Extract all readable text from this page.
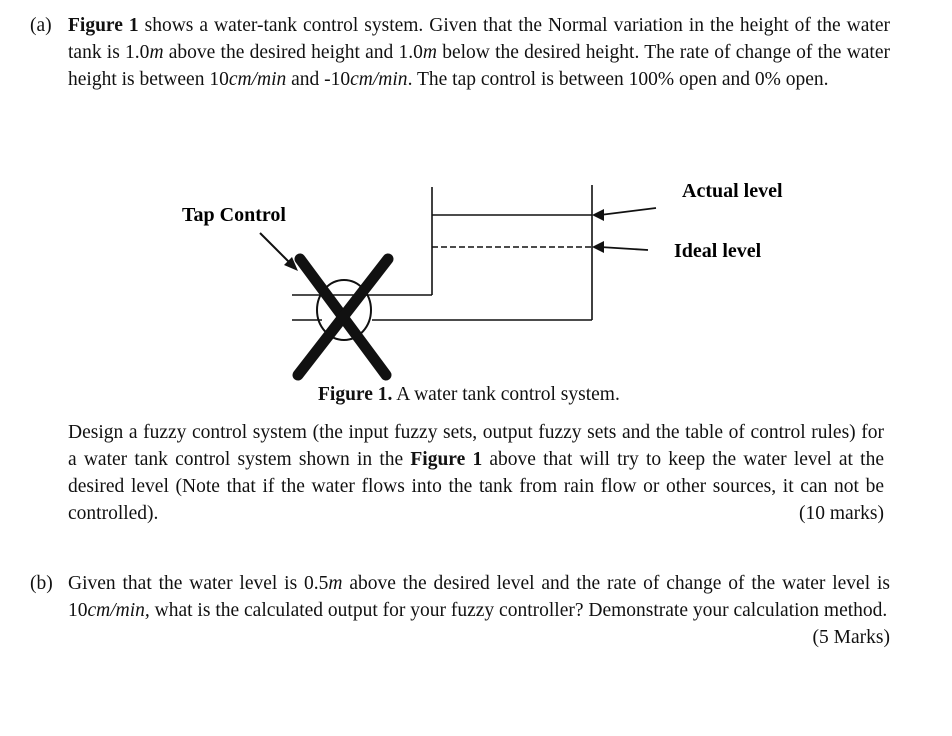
(a) Figure 1 shows a water-tank control system. Given that the Normal variation in the height of the water tank is 1.0m above the desired height and 1.0m below the desired height. The rate of change of the water height is between 10cm/min and -10cm/min. The tap control is between 100% open and 0% open.
Tap Control
Actual level
Ideal level
Figure 1. A water tank control system.
Design a fuzzy control system (the input fuzzy sets, output fuzzy sets and the table of control rules) for a water tank control system shown in the Figure 1 above that will try to keep the water level at the desired level (Note that if the water flows into the tank from rain flow or other sources, it can not be controlled).	(10 marks)
(b) Given that the water level is 0.5m above the desired level and the rate of change of the water level is 10cm/min, what is the calculated output for your fuzzy controller? Demonstrate your calculation method.
(5 Marks)
